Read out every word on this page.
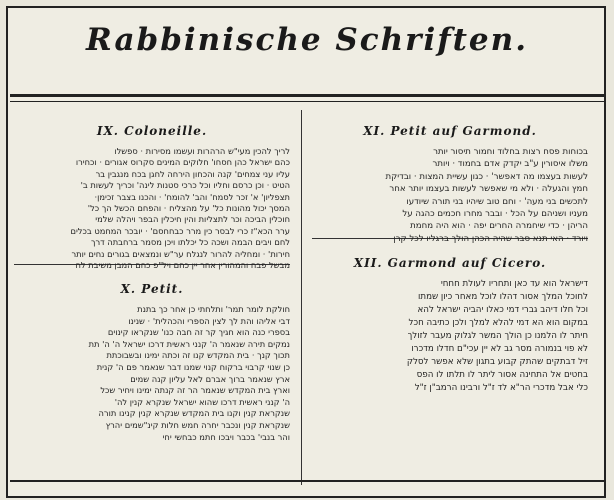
Rabbinische Schriften.
IX. Coloneille.
לריך להכין מעי"ש הרהרות ועשמו מסירות · ספשלו
כהם ישראל כהן חסחו' חלוקים המינים סקרוס אגורים · וכחירו
עליו עני צמחים' קנה והכחון הירחה לחגן בכח מנגבין בר
הטיט · וכן כרסם וחליו וכל כרכי סטנות לינה' וכריך לעשות ב'
תצפליון' א' זכר לסמח' והב' להומח' · והכנו בצבר זכימן·
המסך יכול מהונות כל' על מהצליח · והפחם הכשל הך כל'
חוכלין הביכה וכר לתצליות והין חיכלין הבפר ויהלה שלמי
ערר הכא"ז כרי לבסר כין מרר כבחחסם' · יובכר המחמט בכלים
לחם ויבים הבמה ושכה כל יכלתו ויכן מסמר ברחבתה דרך
חירות' · ומחליה להרור לנגלח ער"ש ונמצאים בגורים נחים יותר
מבשל פבח והמהורין אחר יין כחם ויל"פ כחם המבן משיבת לח
XI. Petit auf Garmond.
בכוחות פסח רצות בחלוד וחמור תיסור יותר
משלו איסורין ע"ב יקדק אדם בחמוד · ויותר
לעשות בעצמו מה דאפשר' · כגון עשיית המצות · ובדיקת
חמץ והגעלה · ולא מי שאפשר לעשות בעצמו יותר אחר
לתכשים בני מעה' · וחם טוב שיהיו בני תורה שיודעו
מעניו ושניהם על הכל · ובבר מחרו חכמים כהגה על
הריהן · כדי שיחמרה החרים יפה · הוא היה מחמת
ויורד · האי תנא סבר שהיה הכהן הולך ברגליו לכל קרן
X. Petit.
חולקת לומר תמר' ותלחתי כן אחר כך בתנת
דבי אליהו והת לך לצין הספרי והכהלית' · שנינו
בספרי כנה הוא חגיך קר זה חבה כנו' שנקראו קינוים
נמקים תירה שנאמר ה' קנני ראשית דרכו ישראל ה' ה' תת
תכוך קנך · בית המקדש קנו זה וכתה ימינו ובשבוכתת
כן שנוי קרבוי ברקוח קנוי שמנו דבר שנאמר פם ה' קנית
ארץ שנאמר ברוך אברם לאל עליון קנה שמים
וארץ בית המקדש שנאמר הר זה קנתה ימינו ויחיר שכל
ה' קנני ראשית דרכו שהוא ישראל שנקרא קנין לה'
שנקראת קנין וקנו בית המקדש שנקרא קנין קנינו תורה
שנקראת קנין ונכבר יחרה חמש חלות קינ"שמים יהרץ
והר בנבי' בכבר ויבכו חתמ כבחשי יחי
XII. Garmond auf Cicero.
דישראל הוא עד כאן ותחריו לעולת חחחי
לחוכל המלך אסור דהלו לוכל מאחר כיון שמתו
וכל חלו דיהב גברי דמי כאלו יהביה ישראל להא
במקום הוא הא דמי להלא למלך ולכן כתיבה חכל
חיתר לו הלמנו כן הולך המשר לגלוק מעבר לזולך
לא פוי בנמורה מסר גב לא יין עכי"ם חדלו מדכרו
זיל דבתקים שהתק קבוע בתגון שלא אפשר לסלק
בחטים אל התחינה אסור ליתר לו תלתו לו הפס
כלי אבל מדכרי הר"א לד ז"ל ורבינו הרמב"ן ז"ל
